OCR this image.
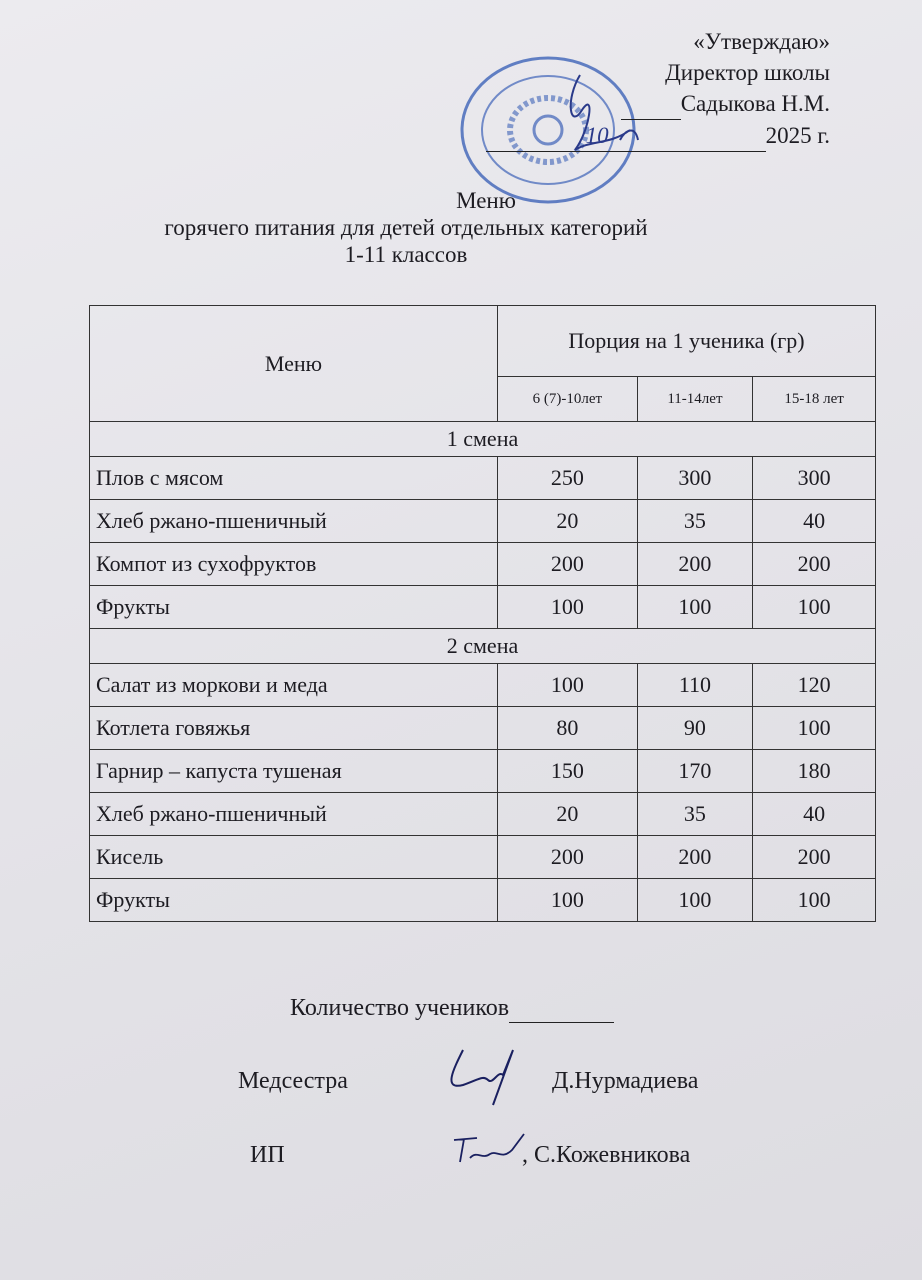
«Утверждаю»
Директор школы
Садыкова Н.М.
10	2025 г.
Меню
горячего питания для детей отдельных категорий
1-11 классов
Меню	Порция на 1 ученика (гр)		
	6 (7)-10лет	11-14лет	15-18 лет
1 смена			
Плов с мясом	250	300	300
Хлеб ржано-пшеничный	20	35	40
Компот из сухофруктов	200	200	200
Фрукты	100	100	100
2 смена			
Салат из моркови и меда	100	110	120
Котлета говяжья	80	90	100
Гарнир – капуста тушеная	150	170	180
Хлеб ржано-пшеничный	20	35	40
Кисель	200	200	200
Фрукты	100	100	100
Количество учеников
Медсестра	Д.Нурмадиева
ИП	, С.Кожевникова
